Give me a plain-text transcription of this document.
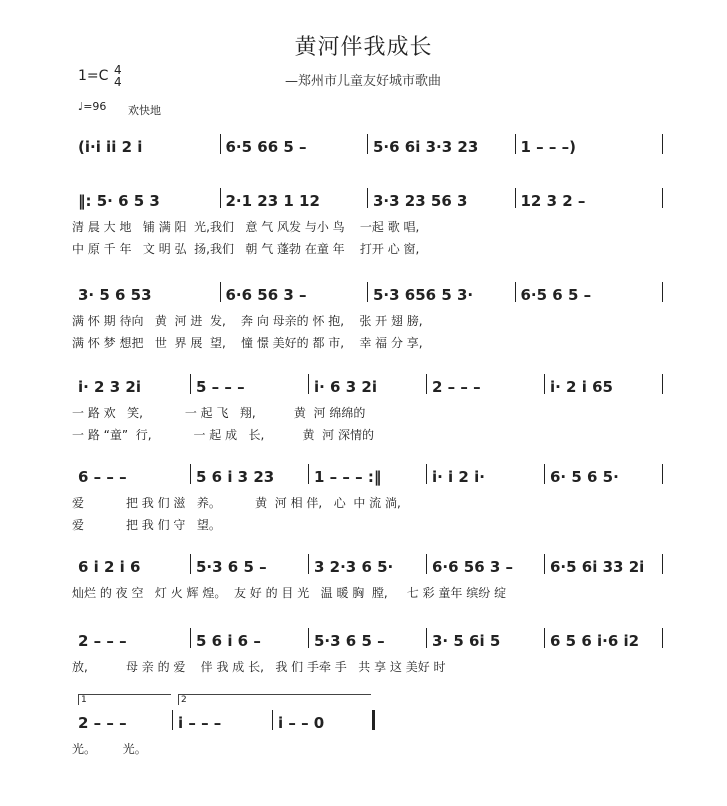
黄河伴我成长
—郑州市儿童友好城市歌曲
1=C 4
4
♩=96 欢快地
(i·i ii 2 i	6·5 66 5 –	5·6 6i 3·3 23	1 – – –)
‖: 5· 6 5 3	2·1 23 1 12	3·3 23 56 3	12 3 2 –
清 晨 大 地   铺 满 阳  光,我们   意 气 风发 与小 鸟    一起 歌 唱,
中 原 千 年   文 明 弘  扬,我们   朝 气 蓬勃 在童 年    打开 心 窗,
3· 5 6 53	6·6 56 3 –	5·3 656 5 3·	6·5 6 5 –
满 怀 期 待向   黄  河 进  发,    奔 向 母亲的 怀 抱,    张 开 翅 膀,
满 怀 梦 想把   世  界 展  望,    憧 憬 美好的 都 市,    幸 福 分 享,
i· 2 3 2i	5 – – –	i· 6 3 2i	2 – – –	i· 2 i 65
一 路 欢   笑,           一 起 飞   翔,          黄  河 绵绵的
一 路 “童”  行,           一 起 成   长,          黄  河 深情的
6 – – –	5 6 i 3 23	1 – – – :‖	i· i 2 i·	6· 5 6 5·
爱           把 我 们 滋   养。         黄  河 相 伴,   心  中 流 淌,
爱           把 我 们 守   望。
6 i 2 i 6	5·3 6 5 –	3 2·3 6 5·	6·6 56 3 –	6·5 6i 33 2i
灿烂 的 夜 空   灯 火 辉 煌。  友 好 的 目 光   温 暖 胸  膛,     七 彩 童年 缤纷 绽
2 – – –	5 6 i 6 –	5·3 6 5 –	3· 5 6i 5	6 5 6 i·6 i2
放,          母 亲 的 爱    伴 我 成 长,   我 们 手牵 手   共 享 这 美好 时
2 – – –	i – – –	i – – 0
光。       光。
1	2
